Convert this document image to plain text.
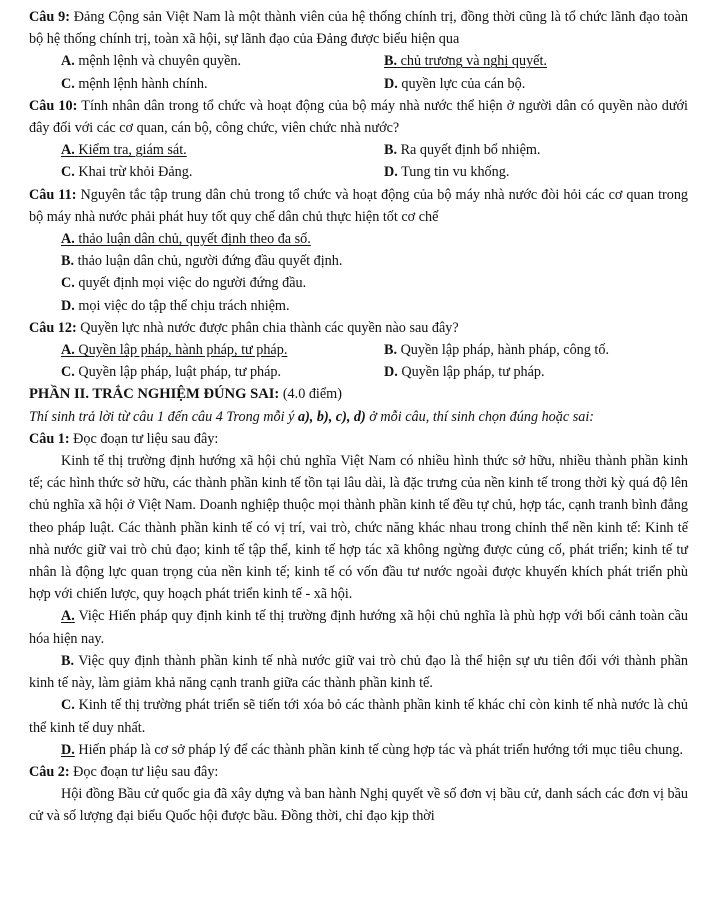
Câu 9: Đảng Cộng sản Việt Nam là một thành viên của hệ thống chính trị, đồng thời cũng là tổ chức lãnh đạo toàn bộ hệ thống chính trị, toàn xã hội, sự lãnh đạo của Đảng được biểu hiện qua

A. mệnh lệnh và chuyên quyền.	B. chủ trương và nghị quyết.
C. mệnh lệnh hành chính.	D. quyền lực của cán bộ.

Câu 10: Tính nhân dân trong tổ chức và hoạt động của bộ máy nhà nước thể hiện ở người dân có quyền nào dưới đây đối với các cơ quan, cán bộ, công chức, viên chức nhà nước?

A. Kiểm tra, giám sát.	B. Ra quyết định bổ nhiệm.
C. Khai trừ khỏi Đảng.	D. Tung tin vu khống.

Câu 11: Nguyên tắc tập trung dân chủ trong tổ chức và hoạt động của bộ máy nhà nước đòi hỏi các cơ quan trong bộ máy nhà nước phải phát huy tốt quy chế dân chủ thực hiện tốt cơ chế

A. thảo luận dân chủ, quyết định theo đa số.
B. thảo luận dân chủ, người đứng đầu quyết định.
C. quyết định mọi việc do người đứng đầu.
D. mọi việc do tập thể chịu trách nhiệm.

Câu 12: Quyền lực nhà nước được phân chia thành các quyền nào sau đây?

A. Quyền lập pháp, hành pháp, tư pháp.	B. Quyền lập pháp, hành pháp, công tố.
C. Quyền lập pháp, luật pháp, tư pháp.	D. Quyền lập pháp, tư pháp.

PHẦN II. TRẮC NGHIỆM ĐÚNG SAI: (4.0 điểm)

Thí sinh trả lời từ câu 1 đến câu 4 Trong mỗi ý a), b), c), d) ở mỗi câu, thí sinh chọn đúng hoặc sai:

Câu 1: Đọc đoạn tư liệu sau đây:

Kinh tế thị trường định hướng xã hội chủ nghĩa Việt Nam có nhiều hình thức sở hữu, nhiều thành phần kinh tế; các hình thức sở hữu, các thành phần kinh tế tồn tại lâu dài, là đặc trưng của nền kinh tế trong thời kỳ quá độ lên chủ nghĩa xã hội ở Việt Nam. Doanh nghiệp thuộc mọi thành phần kinh tế đều tự chủ, hợp tác, cạnh tranh bình đẳng theo pháp luật. Các thành phần kinh tế có vị trí, vai trò, chức năng khác nhau trong chỉnh thể nền kinh tế: Kinh tế nhà nước giữ vai trò chủ đạo; kinh tế tập thể, kinh tế hợp tác xã không ngừng được củng cố, phát triển; kinh tế tư nhân là động lực quan trọng của nền kinh tế; kinh tế có vốn đầu tư nước ngoài được khuyến khích phát triển phù hợp với chiến lược, quy hoạch phát triển kinh tế - xã hội.

A. Việc Hiến pháp quy định kinh tế thị trường định hướng xã hội chủ nghĩa là phù hợp với bối cảnh toàn cầu hóa hiện nay.

B. Việc quy định thành phần kinh tế nhà nước giữ vai trò chủ đạo là thể hiện sự ưu tiên đối với thành phần kinh tế này, làm giảm khả năng cạnh tranh giữa các thành phần kinh tế.

C. Kinh tế thị trường phát triển sẽ tiến tới xóa bỏ các thành phần kinh tế khác chỉ còn kinh tế nhà nước là chủ thể kinh tế duy nhất.

D. Hiến pháp là cơ sở pháp lý để các thành phần kinh tế cùng hợp tác và phát triển hướng tới mục tiêu chung.

Câu 2: Đọc đoạn tư liệu sau đây:

Hội đồng Bầu cử quốc gia đã xây dựng và ban hành Nghị quyết về số đơn vị bầu cử, danh sách các đơn vị bầu cử và số lượng đại biểu Quốc hội được bầu. Đồng thời, chỉ đạo kịp thời
